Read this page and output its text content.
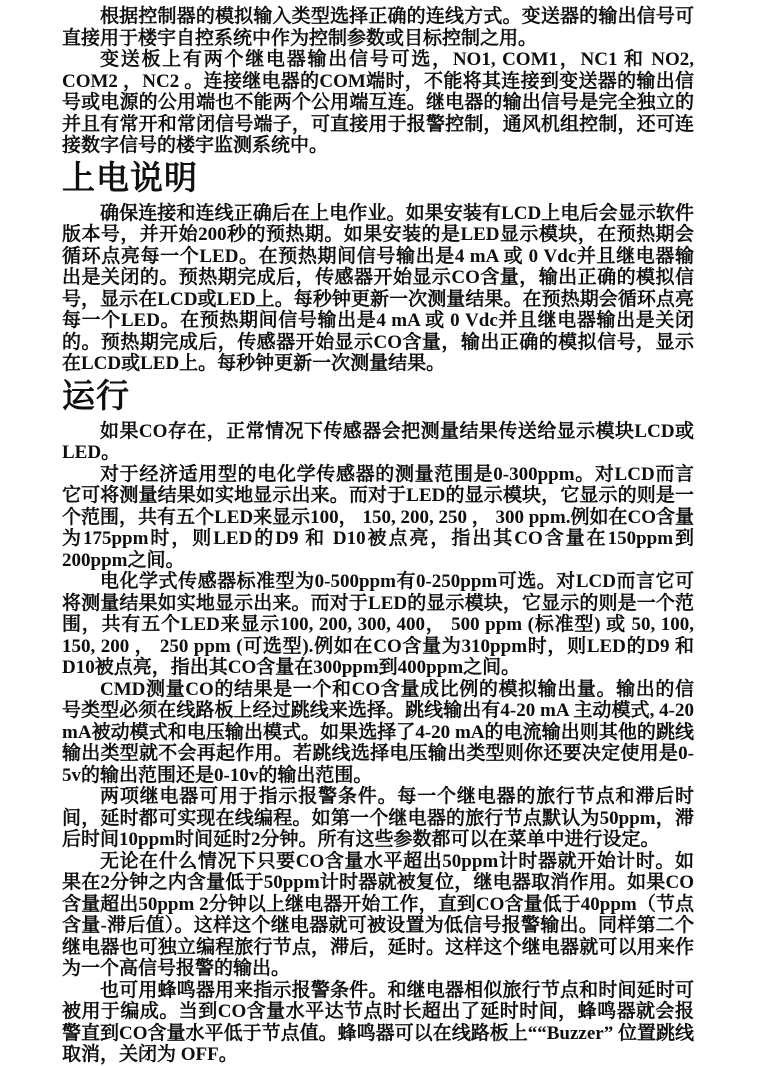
根据控制器的模拟输入类型选择正确的连线方式。变送器的输出信号可直接用于楼宇自控系统中作为控制参数或目标控制之用。

变送板上有两个继电器输出信号可选，NO1, COM1，NC1 和 NO2, COM2 ，NC2 。连接继电器的COM端时，不能将其连接到变送器的输出信号或电源的公用端也不能两个公用端互连。继电器的输出信号是完全独立的并且有常开和常闭信号端子，可直接用于报警控制，通风机组控制，还可连接数字信号的楼宇监测系统中。

上电说明

确保连接和连线正确后在上电作业。如果安装有LCD上电后会显示软件版本号，并开始200秒的预热期。如果安装的是LED显示模块，在预热期会循环点亮每一个LED。在预热期间信号输出是4 mA 或 0 Vdc并且继电器输出是关闭的。预热期完成后，传感器开始显示CO含量，输出正确的模拟信号，显示在LCD或LED上。每秒钟更新一次测量结果。在预热期会循环点亮每一个LED。在预热期间信号输出是4 mA 或 0 Vdc并且继电器输出是关闭的。预热期完成后，传感器开始显示CO含量，输出正确的模拟信号，显示在LCD或LED上。每秒钟更新一次测量结果。

运行

如果CO存在，正常情况下传感器会把测量结果传送给显示模块LCD或LED。

对于经济适用型的电化学传感器的测量范围是0-300ppm。对LCD而言它可将测量结果如实地显示出来。而对于LED的显示模块，它显示的则是一个范围，共有五个LED来显示100， 150, 200, 250 ， 300 ppm.例如在CO含量为175ppm时，则LED的D9 和 D10被点亮，指出其CO含量在150ppm到200ppm之间。

电化学式传感器标准型为0-500ppm有0-250ppm可选。对LCD而言它可将测量结果如实地显示出来。而对于LED的显示模块，它显示的则是一个范围，共有五个LED来显示100, 200, 300, 400， 500 ppm (标准型) 或 50, 100, 150, 200 ， 250 ppm (可选型).例如在CO含量为310ppm时，则LED的D9 和 D10被点亮，指出其CO含量在300ppm到400ppm之间。

CMD测量CO的结果是一个和CO含量成比例的模拟输出量。输出的信号类型必须在线路板上经过跳线来选择。跳线输出有4-20 mA 主动模式, 4-20 mA被动模式和电压输出模式。如果选择了4-20 mA的电流输出则其他的跳线输出类型就不会再起作用。若跳线选择电压输出类型则你还要决定使用是0-5v的输出范围还是0-10v的输出范围。

两项继电器可用于指示报警条件。每一个继电器的旅行节点和滞后时间，延时都可实现在线编程。如第一个继电器的旅行节点默认为50ppm，滞后时间10ppm时间延时2分钟。所有这些参数都可以在菜单中进行设定。

无论在什么情况下只要CO含量水平超出50ppm计时器就开始计时。如果在2分钟之内含量低于50ppm计时器就被复位，继电器取消作用。如果CO含量超出50ppm 2分钟以上继电器开始工作，直到CO含量低于40ppm（节点含量-滞后值）。这样这个继电器就可被设置为低信号报警输出。同样第二个继电器也可独立编程旅行节点，滞后，延时。这样这个继电器就可以用来作为一个高信号报警的输出。

也可用蜂鸣器用来指示报警条件。和继电器相似旅行节点和时间延时可被用于编成。当到CO含量水平达节点时长超出了延时时间，蜂鸣器就会报警直到CO含量水平低于节点值。蜂鸣器可以在线路板上““Buzzer” 位置跳线取消，关闭为 OFF。
